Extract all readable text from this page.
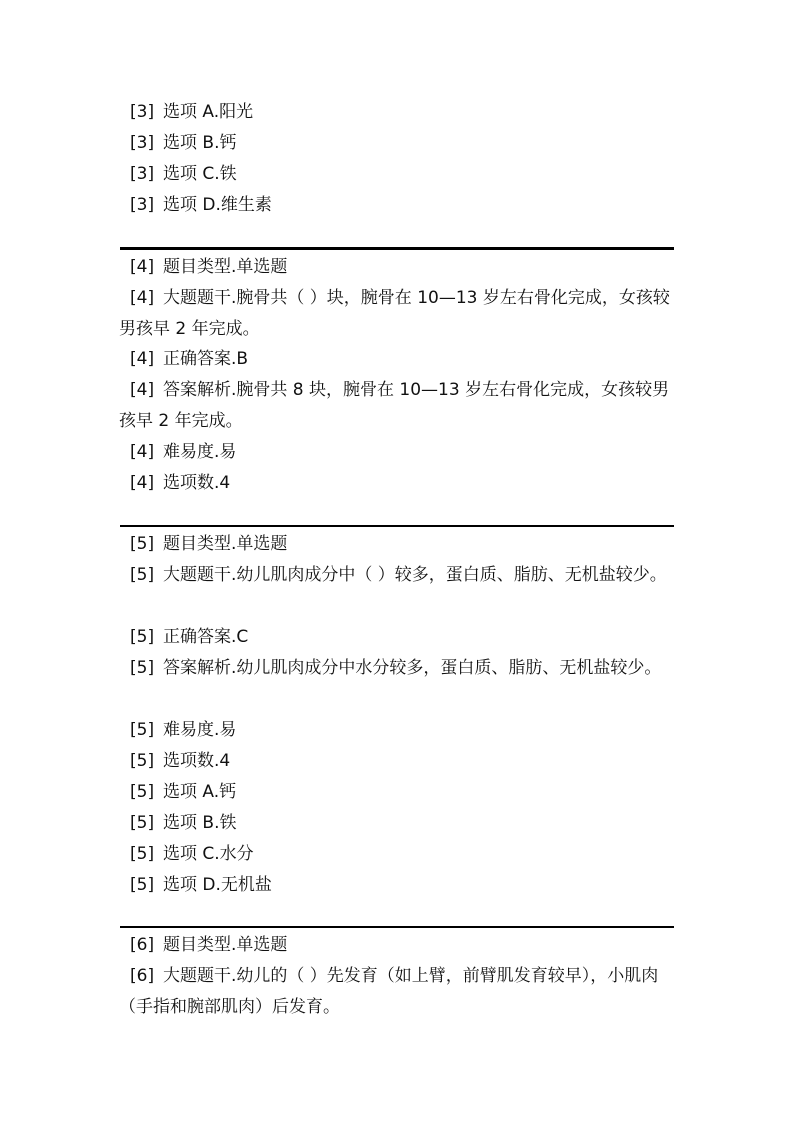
[3] 选项 A.阳光
[3] 选项 B.钙
[3] 选项 C.铁
[3] 选项 D.维生素
[4] 题目类型.单选题
[4] 大题题干.腕骨共（ ）块，腕骨在 10—13 岁左右骨化完成，女孩较男孩早 2 年完成。
[4] 正确答案.B
[4] 答案解析.腕骨共 8 块，腕骨在 10—13 岁左右骨化完成，女孩较男孩早 2 年完成。
[4] 难易度.易
[4] 选项数.4
[5] 题目类型.单选题
[5] 大题题干.幼儿肌肉成分中（ ）较多，蛋白质、脂肪、无机盐较少。
[5] 正确答案.C
[5] 答案解析.幼儿肌肉成分中水分较多，蛋白质、脂肪、无机盐较少。
[5] 难易度.易
[5] 选项数.4
[5] 选项 A.钙
[5] 选项 B.铁
[5] 选项 C.水分
[5] 选项 D.无机盐
[6] 题目类型.单选题
[6] 大题题干.幼儿的（ ）先发育（如上臂，前臂肌发育较早），小肌肉（手指和腕部肌肉）后发育。
